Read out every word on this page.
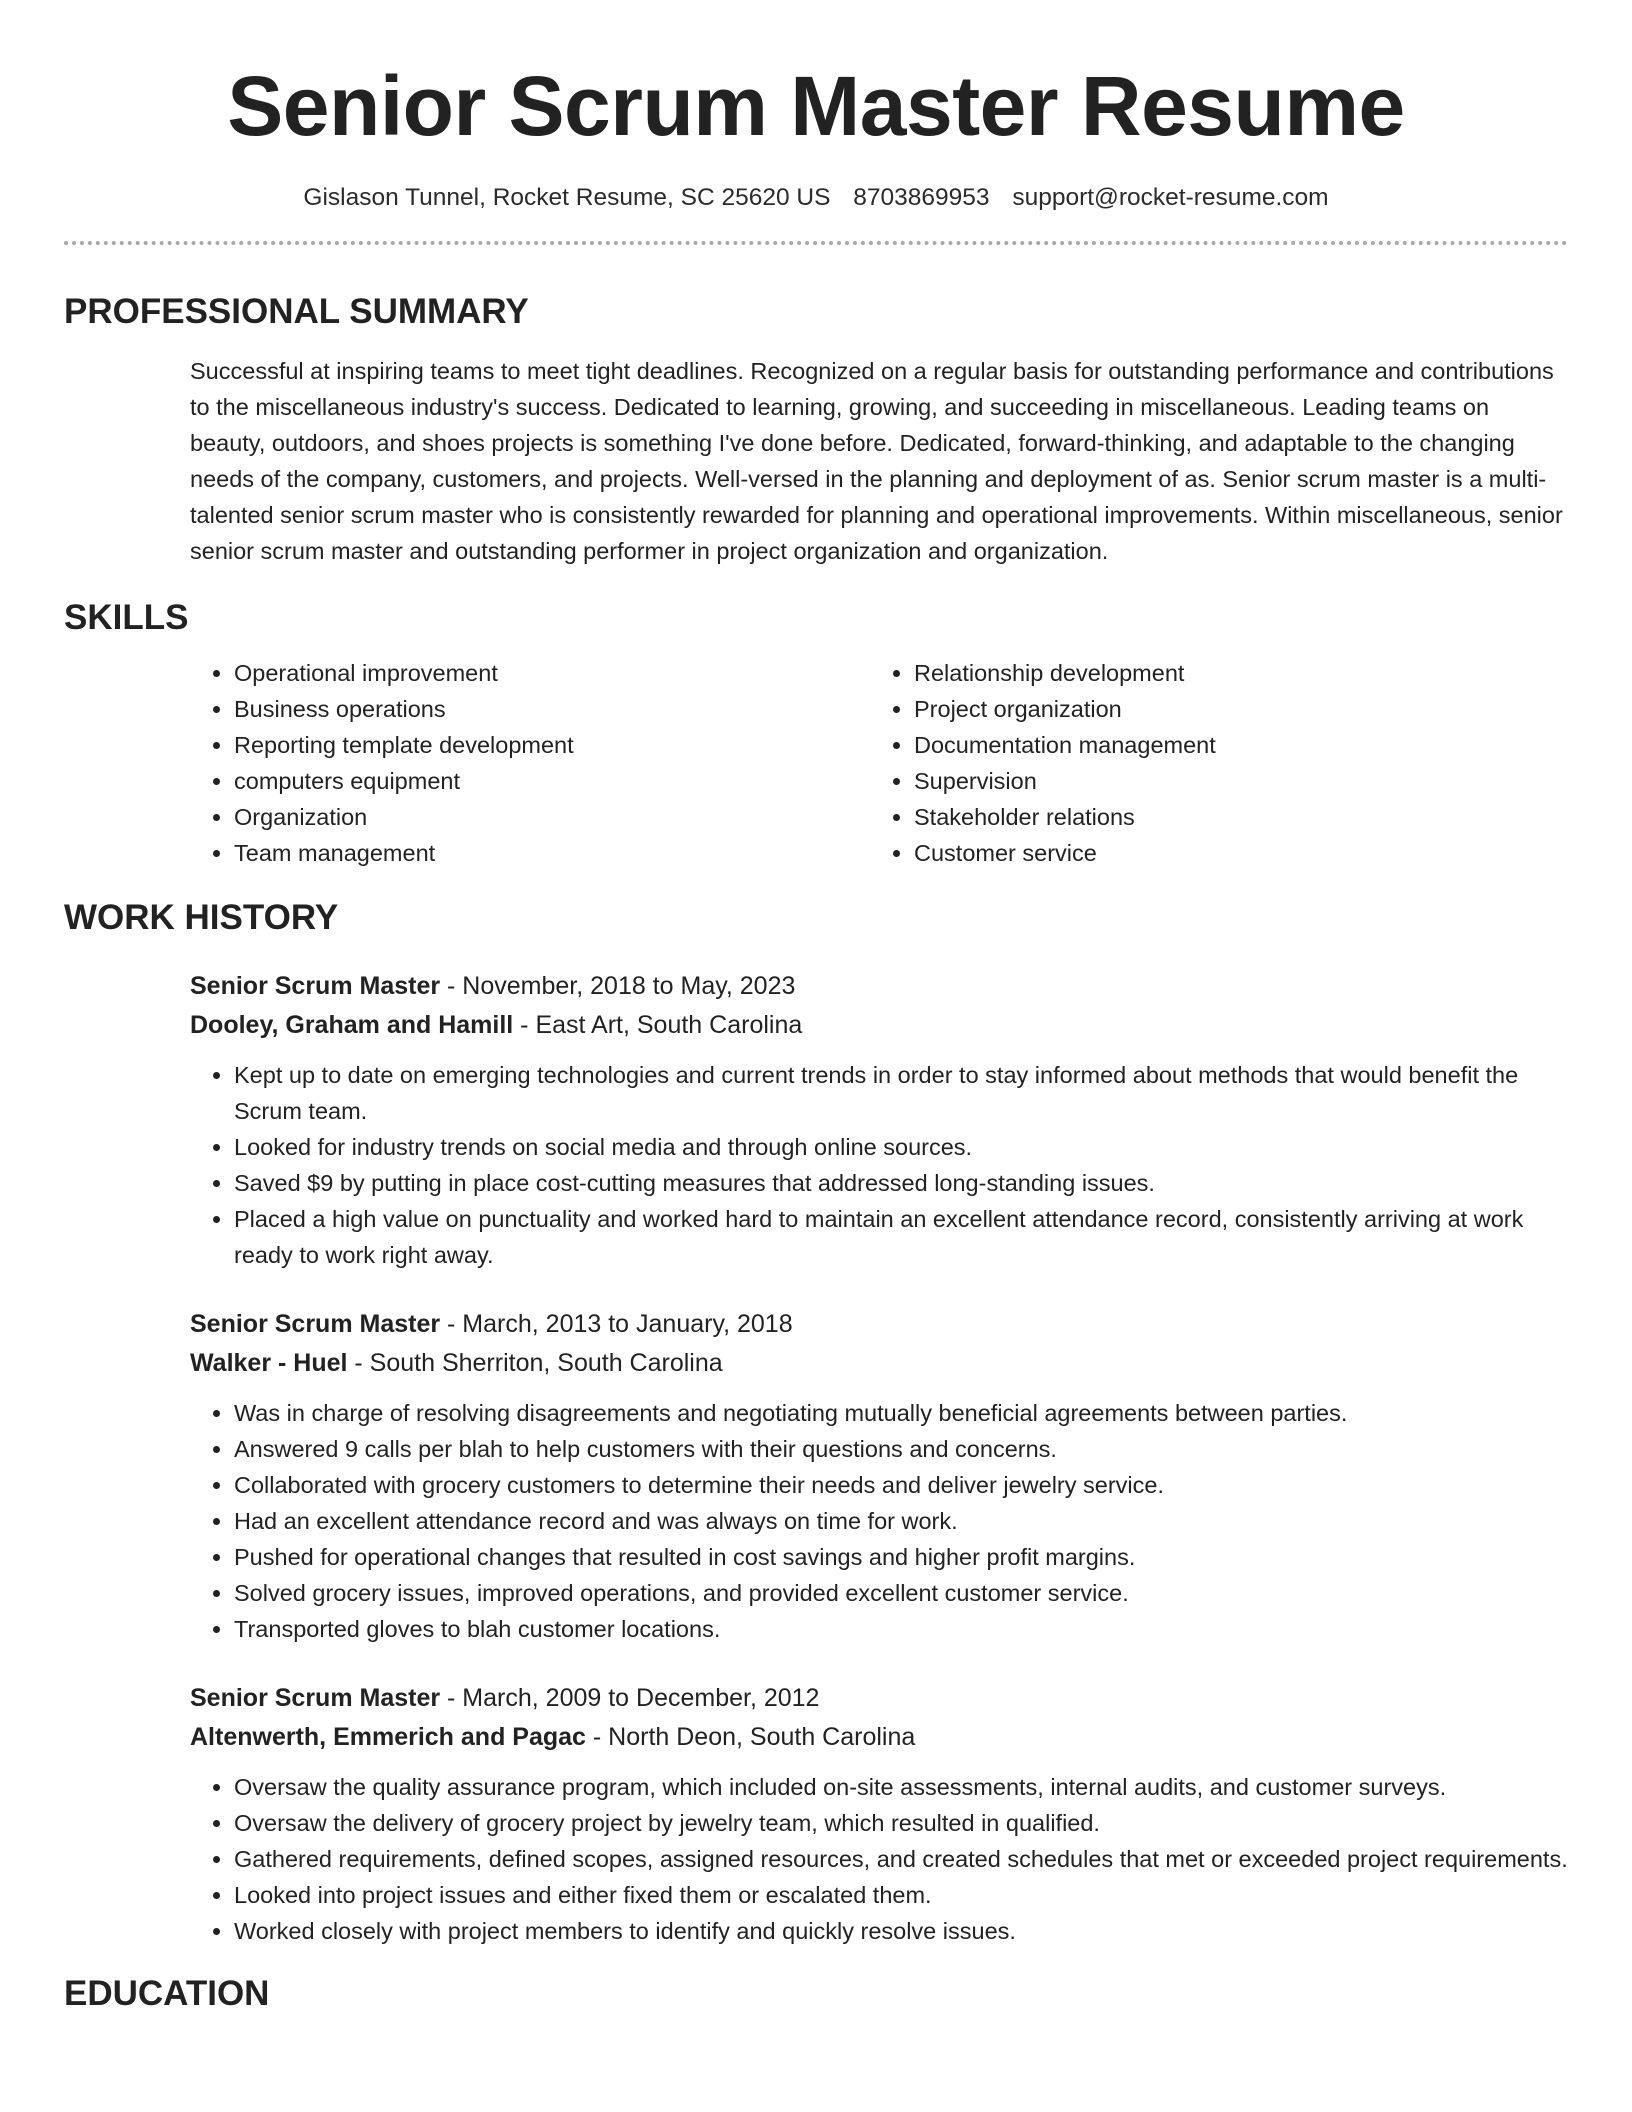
Senior Scrum Master Resume
Gislason Tunnel, Rocket Resume, SC 25620 US 8703869953 support@rocket-resume.com
PROFESSIONAL SUMMARY
Successful at inspiring teams to meet tight deadlines. Recognized on a regular basis for outstanding performance and contributions to the miscellaneous industry's success. Dedicated to learning, growing, and succeeding in miscellaneous. Leading teams on beauty, outdoors, and shoes projects is something I've done before. Dedicated, forward-thinking, and adaptable to the changing needs of the company, customers, and projects. Well-versed in the planning and deployment of as. Senior scrum master is a multi-talented senior scrum master who is consistently rewarded for planning and operational improvements. Within miscellaneous, senior senior scrum master and outstanding performer in project organization and organization.
SKILLS
• Operational improvement
• Business operations
• Reporting template development
• computers equipment
• Organization
• Team management
• Relationship development
• Project organization
• Documentation management
• Supervision
• Stakeholder relations
• Customer service
WORK HISTORY
Senior Scrum Master - November, 2018 to May, 2023
Dooley, Graham and Hamill - East Art, South Carolina
• Kept up to date on emerging technologies and current trends in order to stay informed about methods that would benefit the Scrum team.
• Looked for industry trends on social media and through online sources.
• Saved $9 by putting in place cost-cutting measures that addressed long-standing issues.
• Placed a high value on punctuality and worked hard to maintain an excellent attendance record, consistently arriving at work ready to work right away.
Senior Scrum Master - March, 2013 to January, 2018
Walker - Huel - South Sherriton, South Carolina
• Was in charge of resolving disagreements and negotiating mutually beneficial agreements between parties.
• Answered 9 calls per blah to help customers with their questions and concerns.
• Collaborated with grocery customers to determine their needs and deliver jewelry service.
• Had an excellent attendance record and was always on time for work.
• Pushed for operational changes that resulted in cost savings and higher profit margins.
• Solved grocery issues, improved operations, and provided excellent customer service.
• Transported gloves to blah customer locations.
Senior Scrum Master - March, 2009 to December, 2012
Altenwerth, Emmerich and Pagac - North Deon, South Carolina
• Oversaw the quality assurance program, which included on-site assessments, internal audits, and customer surveys.
• Oversaw the delivery of grocery project by jewelry team, which resulted in qualified.
• Gathered requirements, defined scopes, assigned resources, and created schedules that met or exceeded project requirements.
• Looked into project issues and either fixed them or escalated them.
• Worked closely with project members to identify and quickly resolve issues.
EDUCATION
